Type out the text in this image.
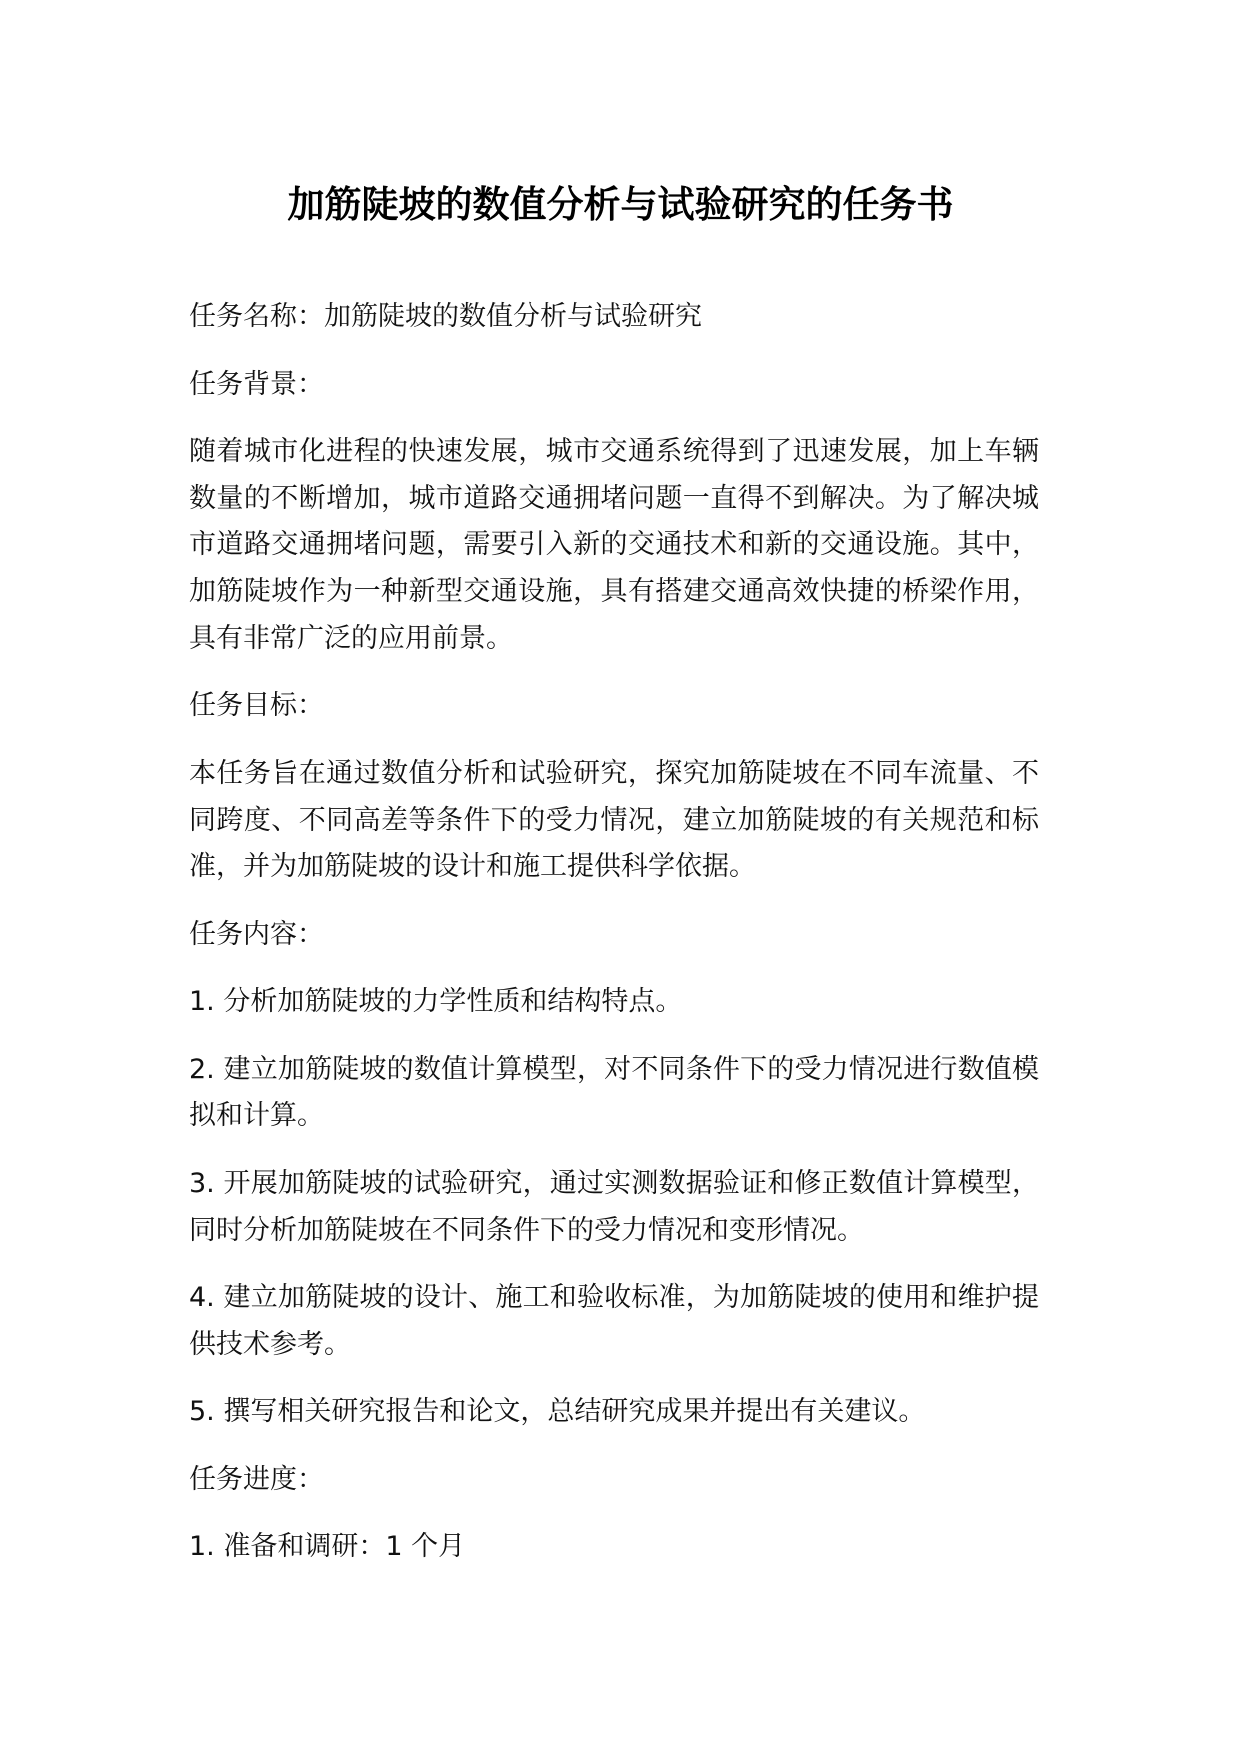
加筋陡坡的数值分析与试验研究的任务书
任务名称：加筋陡坡的数值分析与试验研究
任务背景：
随着城市化进程的快速发展，城市交通系统得到了迅速发展，加上车辆
数量的不断增加，城市道路交通拥堵问题一直得不到解决。为了解决城
市道路交通拥堵问题，需要引入新的交通技术和新的交通设施。其中，
加筋陡坡作为一种新型交通设施，具有搭建交通高效快捷的桥梁作用，
具有非常广泛的应用前景。
任务目标：
本任务旨在通过数值分析和试验研究，探究加筋陡坡在不同车流量、不
同跨度、不同高差等条件下的受力情况，建立加筋陡坡的有关规范和标
准，并为加筋陡坡的设计和施工提供科学依据。
任务内容：
1. 分析加筋陡坡的力学性质和结构特点。
2. 建立加筋陡坡的数值计算模型，对不同条件下的受力情况进行数值模
拟和计算。
3. 开展加筋陡坡的试验研究，通过实测数据验证和修正数值计算模型，
同时分析加筋陡坡在不同条件下的受力情况和变形情况。
4. 建立加筋陡坡的设计、施工和验收标准，为加筋陡坡的使用和维护提
供技术参考。
5. 撰写相关研究报告和论文，总结研究成果并提出有关建议。
任务进度：
1. 准备和调研：1 个月
